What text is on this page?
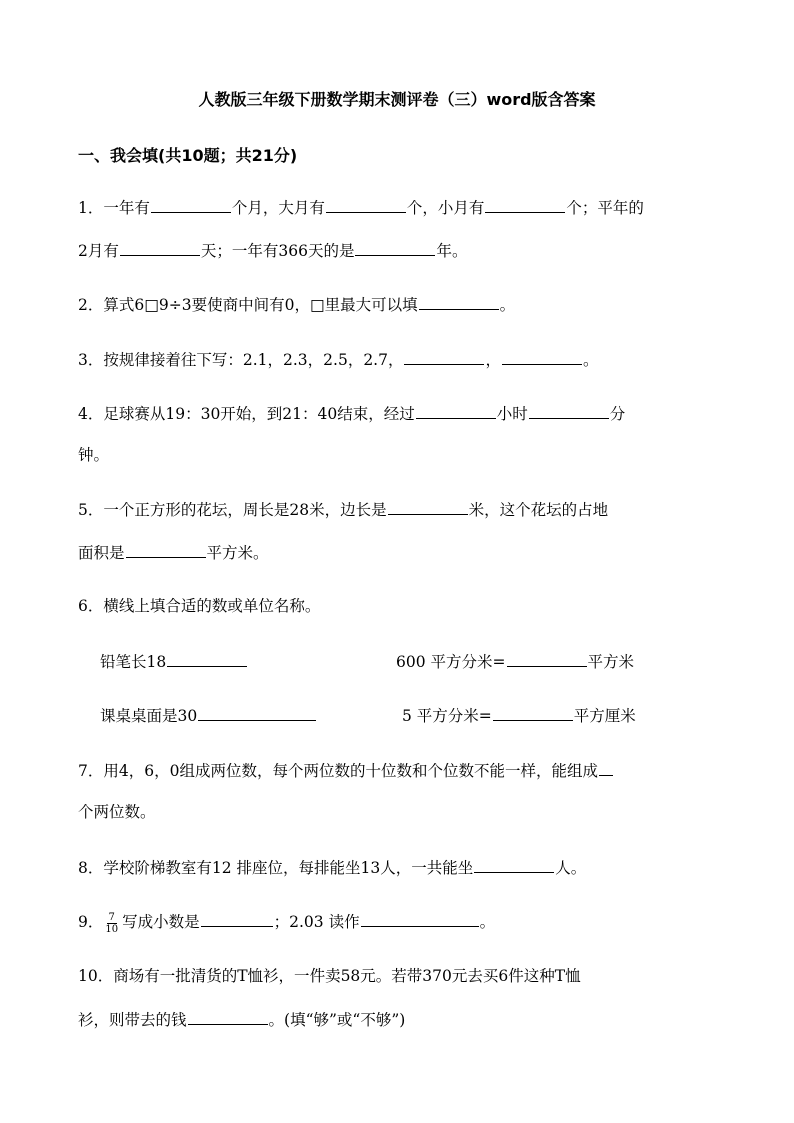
人教版三年级下册数学期末测评卷（三）word版含答案
一、我会填(共10题；共21分)
1．一年有	个月，大月有	个，小月有	个；平年的
2月有	天；一年有366天的是	年。
2．算式6□9÷3要使商中间有0，□里最大可以填	。
3．按规律接着往下写：2.1，2.3，2.5，2.7，	，	。
4．足球赛从19：30开始，到21：40结束，经过	小时	分
钟。
5．一个正方形的花坛，周长是28米，边长是	米，这个花坛的占地
面积是	平方米。
6．横线上填合适的数或单位名称。
铅笔长18	600 平方分米=	平方米
课桌桌面是30	5 平方分米=	平方厘米
7．用4，6，0组成两位数，每个两位数的十位数和个位数不能一样，能组成
个两位数。
8．学校阶梯教室有12 排座位，每排能坐13人，一共能坐	人。
9． $\frac{7}{10}$ 写成小数是	；2.03 读作	。
10．商场有一批清货的T恤衫，一件卖58元。若带370元去买6件这种T恤
衫，则带去的钱	。(填“够”或“不够”)
